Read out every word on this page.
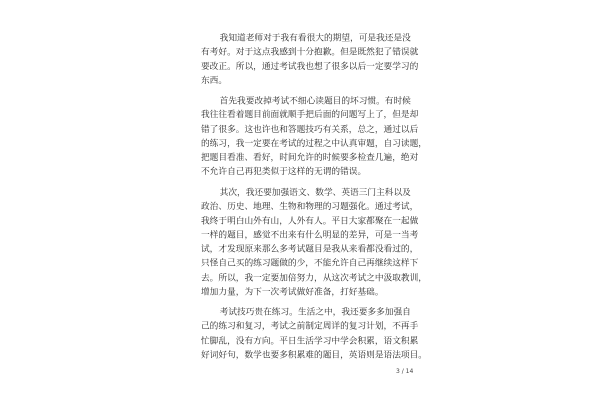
我知道老师对于我有看很大的期望，可是我还是没
有考好。对于这点我感到十分抱歉。但是既然犯了错误就
要改正。所以，通过考试我也想了很多以后一定要学习的
东西。

首先我要改掉考试不细心读题目的坏习惯。有时候
我往往看着题目前面就顺手把后面的问题写上了，但是却
错了很多。这也许也和答题技巧有关系，总之，通过以后
的练习，我一定要在考试的过程之中认真审题，自习读题，
把题目看准、看好，时间允许的时候要多检查几遍，绝对
不允许自己再犯类似于这样的无谓的错误。

其次，我还要加强语文、数学、英语三门主科以及
政治、历史、地理、生物和物理的习题强化。通过考试，
我终于明白山外有山，人外有人。平日大家都聚在一起做
一样的题目，感觉不出来有什么明显的差异，可是一当考
试，才发现原来那么多考试题目是我从来看都没看过的，
只怪自己买的练习题做的少，不能允许自己再继续这样下
去。所以，我一定要加倍努力，从这次考试之中汲取教训，
增加力量，为下一次考试做好准备，打好基础。

考试技巧贵在练习。生活之中，我还要多多加强自
己的练习和复习，考试之前制定周详的复习计划，不再手
忙脚乱，没有方向。平日生活学习中学会积累，语文积累
好词好句，数学也要多积累难的题目，英语则是语法项目。

3 / 14
